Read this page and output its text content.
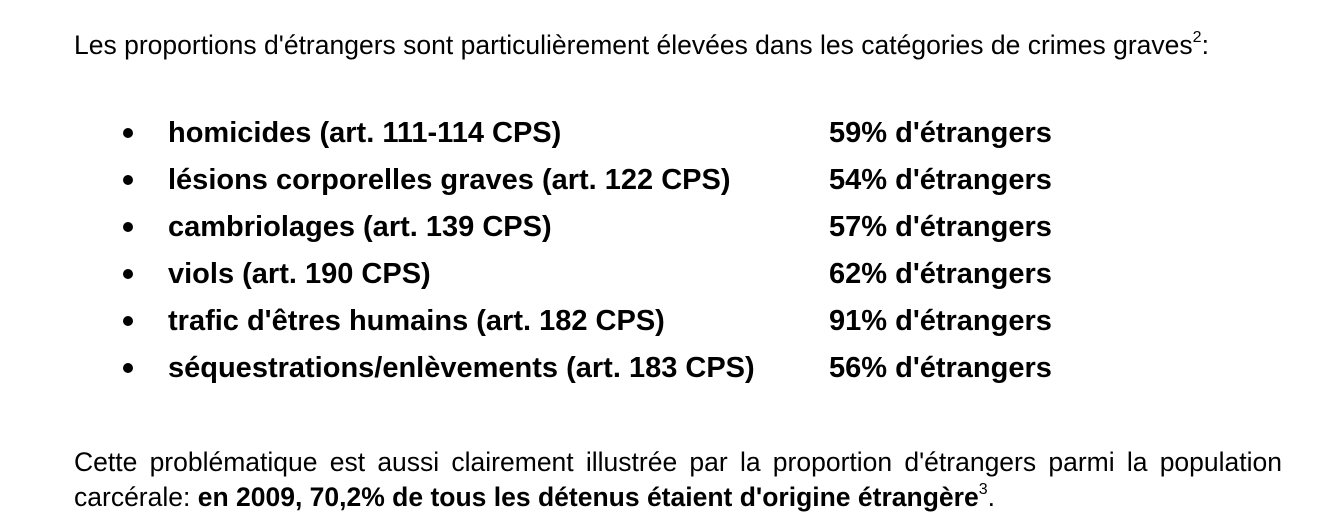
Les proportions d'étrangers sont particulièrement élevées dans les catégories de crimes graves$^2$:

homicides (art. 111-114 CPS)	59% d'étrangers
lésions corporelles graves (art. 122 CPS)	54% d'étrangers
cambriolages (art. 139 CPS)	57% d'étrangers
viols (art. 190 CPS)	62% d'étrangers
trafic d'êtres humains (art. 182 CPS)	91% d'étrangers
séquestrations/enlèvements (art. 183 CPS)	56% d'étrangers

Cette problématique est aussi clairement illustrée par la proportion d'étrangers parmi la population carcérale: en 2009, 70,2% de tous les détenus étaient d'origine étrangère$^3$.
